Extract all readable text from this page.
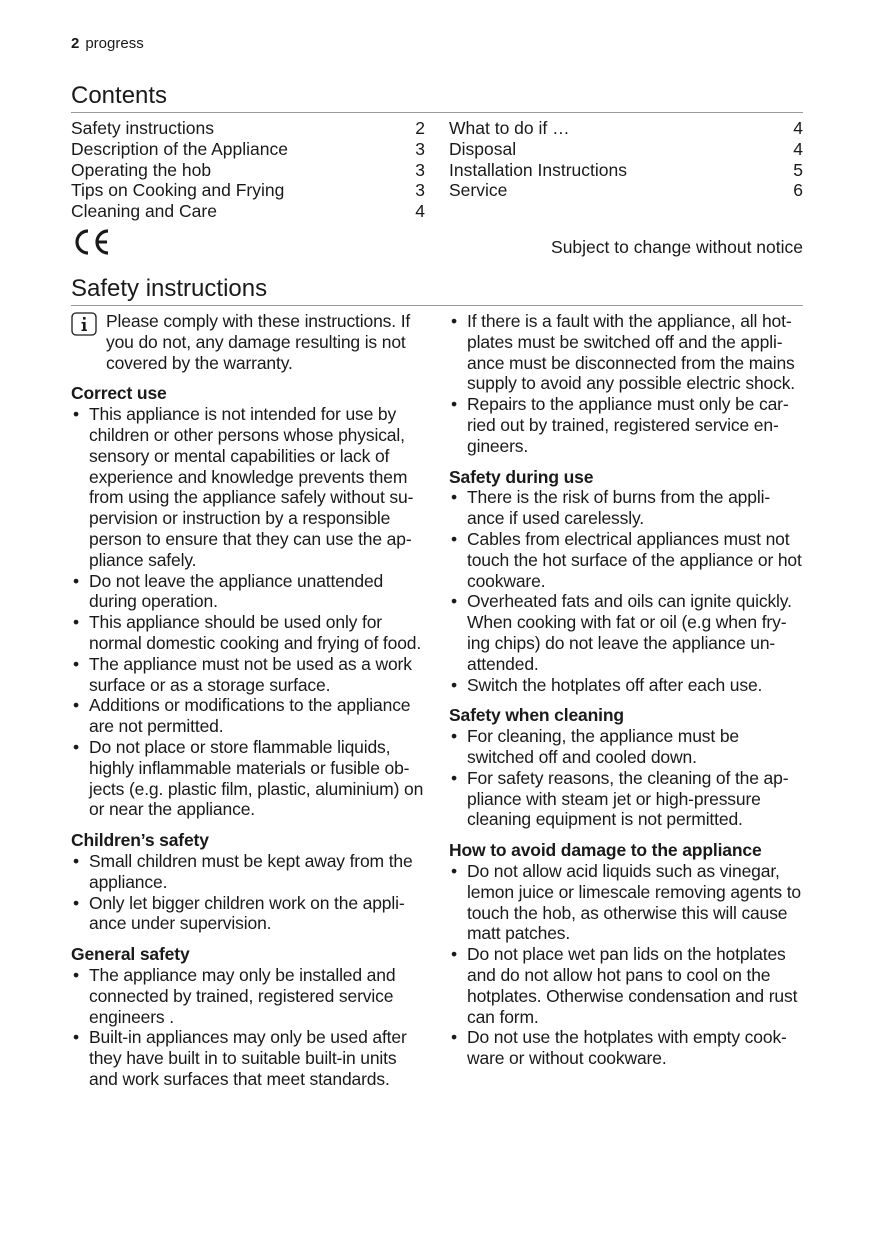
2 progress
Contents
Safety instructions	2
Description of the Appliance	3
Operating the hob	3
Tips on Cooking and Frying	3
Cleaning and Care	4
What to do if …	4
Disposal	4
Installation Instructions	5
Service	6
Subject to change without notice
Safety instructions
Please comply with these instructions. If you do not, any damage resulting is not covered by the warranty.
Correct use
• This appliance is not intended for use by children or other persons whose physical, sensory or mental capabilities or lack of experience and knowledge prevents them from using the appliance safely without su-pervision or instruction by a responsible person to ensure that they can use the ap-pliance safely.
• Do not leave the appliance unattended during operation.
• This appliance should be used only for normal domestic cooking and frying of food.
• The appliance must not be used as a work surface or as a storage surface.
• Additions or modifications to the appliance are not permitted.
• Do not place or store flammable liquids, highly inflammable materials or fusible ob-jects (e.g. plastic film, plastic, aluminium) on or near the appliance.
Children’s safety
• Small children must be kept away from the appliance.
• Only let bigger children work on the appli-ance under supervision.
General safety
• The appliance may only be installed and connected by trained, registered service engineers .
• Built-in appliances may only be used after they have built in to suitable built-in units and work surfaces that meet standards.
• If there is a fault with the appliance, all hot-plates must be switched off and the appli-ance must be disconnected from the mains supply to avoid any possible electric shock.
• Repairs to the appliance must only be car-ried out by trained, registered service en-gineers.
Safety during use
• There is the risk of burns from the appli-ance if used carelessly.
• Cables from electrical appliances must not touch the hot surface of the appliance or hot cookware.
• Overheated fats and oils can ignite quickly. When cooking with fat or oil (e.g when fry-ing chips) do not leave the appliance un-attended.
• Switch the hotplates off after each use.
Safety when cleaning
• For cleaning, the appliance must be switched off and cooled down.
• For safety reasons, the cleaning of the ap-pliance with steam jet or high-pressure cleaning equipment is not permitted.
How to avoid damage to the appliance
• Do not allow acid liquids such as vinegar, lemon juice or limescale removing agents to touch the hob, as otherwise this will cause matt patches.
• Do not place wet pan lids on the hotplates and do not allow hot pans to cool on the hotplates. Otherwise condensation and rust can form.
• Do not use the hotplates with empty cook-ware or without cookware.
